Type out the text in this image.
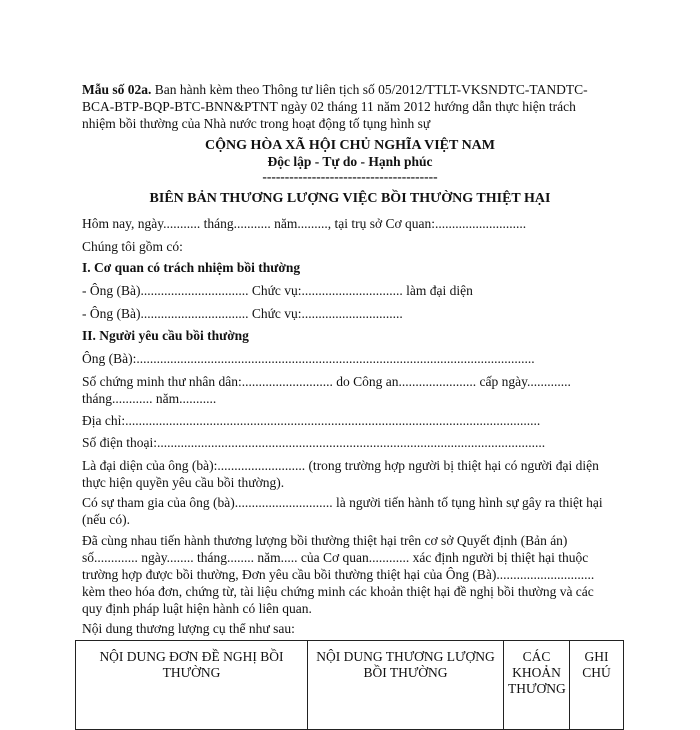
Mẫu số 02a. Ban hành kèm theo Thông tư liên tịch số 05/2012/TTLT-VKSNDTC-TANDTC-
BCA-BTP-BQP-BTC-BNN&PTNT ngày 02 tháng 11 năm 2012 hướng dẫn thực hiện trách
nhiệm bồi thường của Nhà nước trong hoạt động tố tụng hình sự
CỘNG HÒA XÃ HỘI CHỦ NGHĨA VIỆT NAM
Độc lập - Tự do - Hạnh phúc
---------------------------------------
BIÊN BẢN THƯƠNG LƯỢNG VIỆC BỒI THƯỜNG THIỆT HẠI
Hôm nay, ngày........... tháng........... năm........., tại trụ sở Cơ quan:...........................
Chúng tôi gồm có:
I. Cơ quan có trách nhiệm bồi thường
- Ông (Bà)................................ Chức vụ:.............................. làm đại diện
- Ông (Bà)................................ Chức vụ:..............................
II. Người yêu cầu bồi thường
Ông (Bà):......................................................................................................................
Số chứng minh thư nhân dân:........................... do Công an....................... cấp ngày.............
tháng............ năm...........
Địa chỉ:...........................................................................................................................
Số điện thoại:...................................................................................................................
Là đại diện của ông (bà):.......................... (trong trường hợp người bị thiệt hại có người đại diện
thực hiện quyền yêu cầu bồi thường).
Có sự tham gia của ông (bà)............................. là người tiến hành tố tụng hình sự gây ra thiệt hại
(nếu có).
Đã cùng nhau tiến hành thương lượng bồi thường thiệt hại trên cơ sở Quyết định (Bản án)
số............. ngày........ tháng........ năm..... của Cơ quan............ xác định người bị thiệt hại thuộc
trường hợp được bồi thường, Đơn yêu cầu bồi thường thiệt hại của Ông (Bà).............................
kèm theo hóa đơn, chứng từ, tài liệu chứng minh các khoản thiệt hại đề nghị bồi thường và các
quy định pháp luật hiện hành có liên quan.
Nội dung thương lượng cụ thể như sau:
NỘI DUNG ĐƠN ĐỀ NGHỊ BỒI THƯỜNG	NỘI DUNG THƯƠNG LƯỢNG BỒI THƯỜNG	CÁC KHOẢN THƯƠNG	GHI CHÚ
